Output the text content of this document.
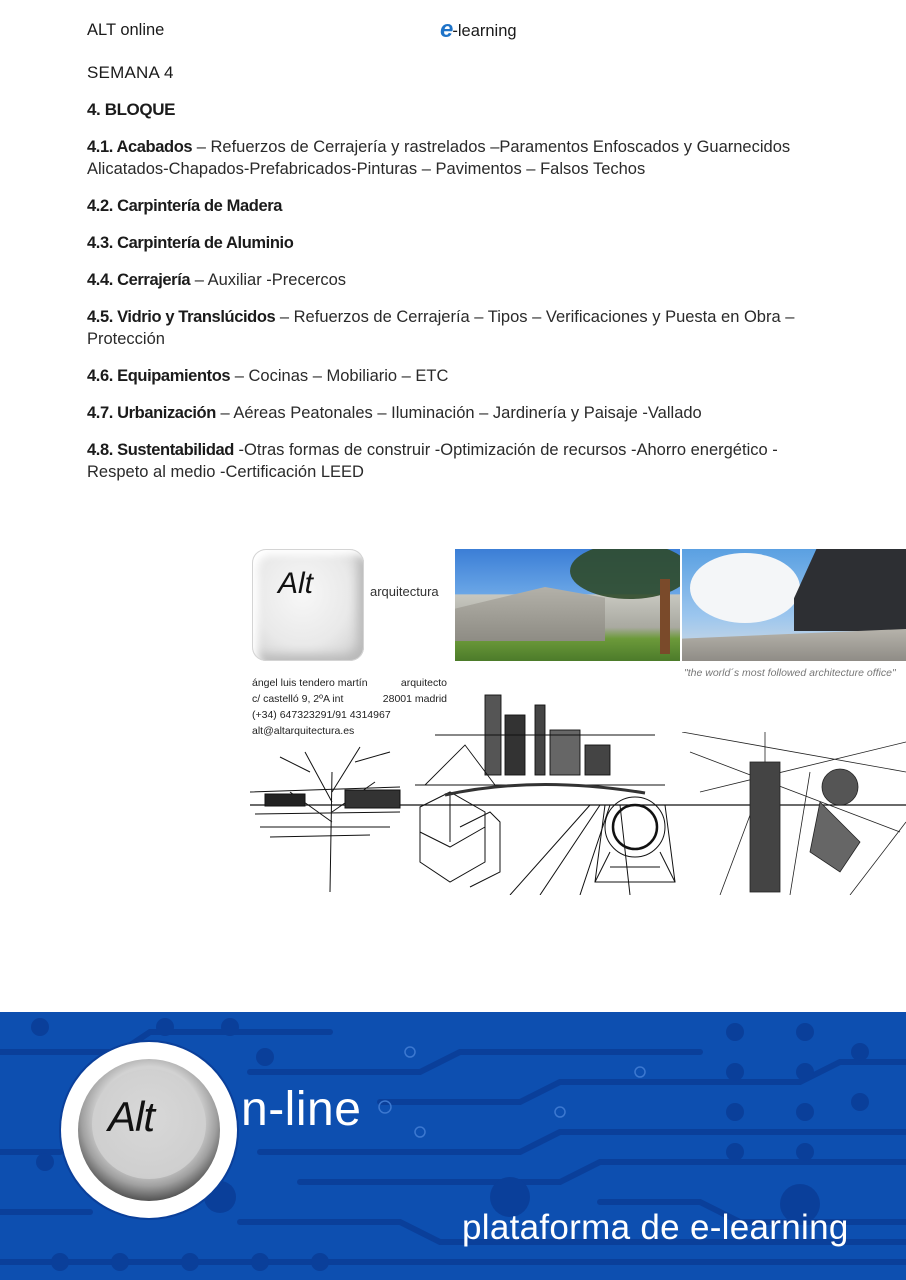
ALT online	e-learning

SEMANA 4

4. BLOQUE

4.1. Acabados – Refuerzos de Cerrajería y rastrelados –Paramentos Enfoscados y Guarnecidos Alicatados-Chapados-Prefabricados-Pinturas – Pavimentos – Falsos Techos

4.2. Carpintería de Madera

4.3. Carpintería de Aluminio

4.4. Cerrajería – Auxiliar -Precercos

4.5. Vidrio y Translúcidos – Refuerzos de Cerrajería – Tipos – Verificaciones y Puesta en Obra – Protección

4.6. Equipamientos – Cocinas – Mobiliario – ETC

4.7. Urbanización – Aéreas Peatonales – Iluminación – Jardinería y Paisaje -Vallado

4.8. Sustentabilidad -Otras formas de construir -Optimización de recursos -Ahorro energético -Respeto al medio -Certificación LEED

Alt	arquitectura
"the world´s most followed architecture office"
ángel luis tendero martín	arquitecto
c/ castelló 9, 2ºA int	28001 madrid
(+34) 647323291/91 4314967
alt@altarquitectura.es
Alt n-line
plataforma de e-learning
